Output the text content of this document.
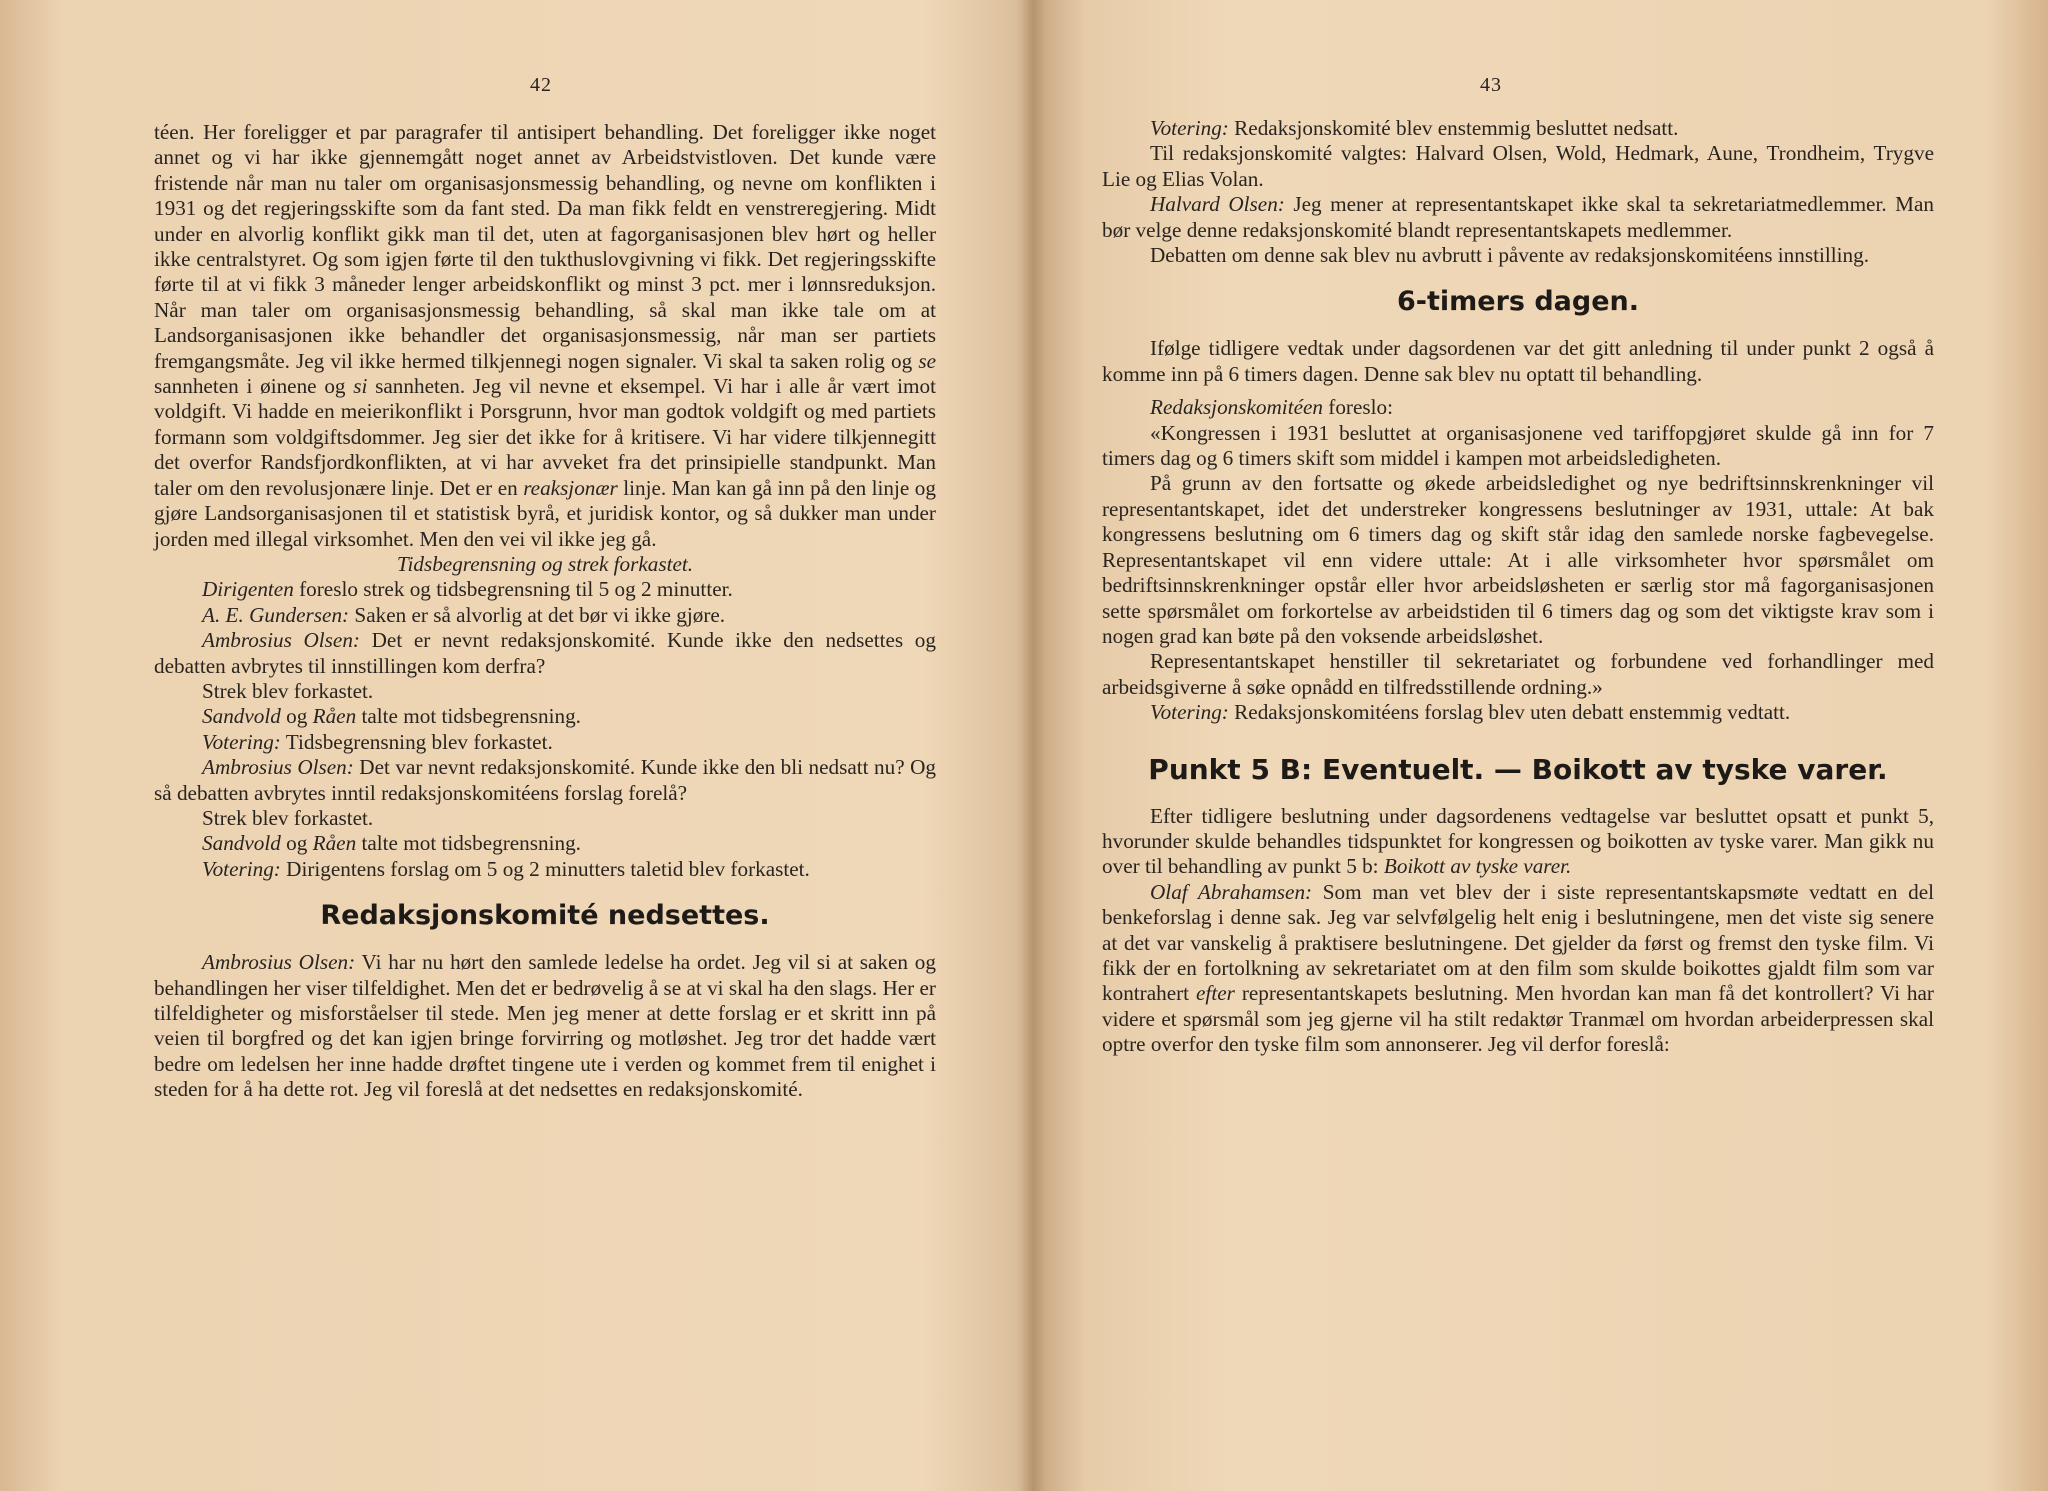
42

téen. Her foreligger et par paragrafer til antisipert behandling. Det foreligger ikke noget annet og vi har ikke gjennemgått noget annet av Arbeidstvistloven. Det kunde være fristende når man nu taler om organisasjonsmessig behandling, og nevne om konflikten i 1931 og det regjeringsskifte som da fant sted. Da man fikk feldt en venstreregjering. Midt under en alvorlig konflikt gikk man til det, uten at fagorganisasjonen blev hørt og heller ikke centralstyret. Og som igjen førte til den tukthuslovgivning vi fikk. Det regjeringsskifte førte til at vi fikk 3 måneder lenger arbeidskonflikt og minst 3 pct. mer i lønnsreduksjon. Når man taler om organisasjonsmessig behandling, så skal man ikke tale om at Landsorganisasjonen ikke behandler det organisasjonsmessig, når man ser partiets fremgangsmåte. Jeg vil ikke hermed tilkjennegi nogen signaler. Vi skal ta saken rolig og se sannheten i øinene og si sannheten. Jeg vil nevne et eksempel. Vi har i alle år vært imot voldgift. Vi hadde en meierikonflikt i Porsgrunn, hvor man godtok voldgift og med partiets formann som voldgiftsdommer. Jeg sier det ikke for å kritisere. Vi har videre tilkjennegitt det overfor Randsfjordkonflikten, at vi har avveket fra det prinsipielle standpunkt. Man taler om den revolusjonære linje. Det er en reaksjonær linje. Man kan gå inn på den linje og gjøre Landsorganisasjonen til et statistisk byrå, et juridisk kontor, og så dukker man under jorden med illegal virksomhet. Men den vei vil ikke jeg gå.

Tidsbegrensning og strek forkastet.

Dirigenten foreslo strek og tidsbegrensning til 5 og 2 minutter.

A. E. Gundersen: Saken er så alvorlig at det bør vi ikke gjøre.

Ambrosius Olsen: Det er nevnt redaksjonskomité. Kunde ikke den nedsettes og debatten avbrytes til innstillingen kom derfra?

Strek blev forkastet.

Sandvold og Råen talte mot tidsbegrensning.

Votering: Tidsbegrensning blev forkastet.

Ambrosius Olsen: Det var nevnt redaksjonskomité. Kunde ikke den bli nedsatt nu? Og så debatten avbrytes inntil redaksjonskomitéens forslag forelå?

Strek blev forkastet.

Sandvold og Råen talte mot tidsbegrensning.

Votering: Dirigentens forslag om 5 og 2 minutters taletid blev forkastet.

Redaksjonskomité nedsettes.

Ambrosius Olsen: Vi har nu hørt den samlede ledelse ha ordet. Jeg vil si at saken og behandlingen her viser tilfeldighet. Men det er bedrøvelig å se at vi skal ha den slags. Her er tilfeldigheter og misforståelser til stede. Men jeg mener at dette forslag er et skritt inn på veien til borgfred og det kan igjen bringe forvirring og motløshet. Jeg tror det hadde vært bedre om ledelsen her inne hadde drøftet tingene ute i verden og kommet frem til enighet i steden for å ha dette rot. Jeg vil foreslå at det nedsettes en redaksjonskomité.

43

Votering: Redaksjonskomité blev enstemmig besluttet nedsatt.

Til redaksjonskomité valgtes: Halvard Olsen, Wold, Hedmark, Aune, Trondheim, Trygve Lie og Elias Volan.

Halvard Olsen: Jeg mener at representantskapet ikke skal ta sekretariatmedlemmer. Man bør velge denne redaksjonskomité blandt representantskapets medlemmer.

Debatten om denne sak blev nu avbrutt i påvente av redaksjonskomitéens innstilling.

6-timers dagen.

Ifølge tidligere vedtak under dagsordenen var det gitt anledning til under punkt 2 også å komme inn på 6 timers dagen. Denne sak blev nu optatt til behandling.

Redaksjonskomitéen foreslo:

«Kongressen i 1931 besluttet at organisasjonene ved tariffopgjøret skulde gå inn for 7 timers dag og 6 timers skift som middel i kampen mot arbeidsledigheten.

På grunn av den fortsatte og økede arbeidsledighet og nye bedriftsinnskrenkninger vil representantskapet, idet det understreker kongressens beslutninger av 1931, uttale: At bak kongressens beslutning om 6 timers dag og skift står idag den samlede norske fagbevegelse. Representantskapet vil enn videre uttale: At i alle virksomheter hvor spørsmålet om bedriftsinnskrenkninger opstår eller hvor arbeidsløsheten er særlig stor må fagorganisasjonen sette spørsmålet om forkortelse av arbeidstiden til 6 timers dag og som det viktigste krav som i nogen grad kan bøte på den voksende arbeidsløshet.

Representantskapet henstiller til sekretariatet og forbundene ved forhandlinger med arbeidsgiverne å søke opnådd en tilfredsstillende ordning.»

Votering: Redaksjonskomitéens forslag blev uten debatt enstemmig vedtatt.

Punkt 5 B: Eventuelt. — Boikott av tyske varer.

Efter tidligere beslutning under dagsordenens vedtagelse var besluttet opsatt et punkt 5, hvorunder skulde behandles tidspunktet for kongressen og boikotten av tyske varer. Man gikk nu over til behandling av punkt 5 b: Boikott av tyske varer.

Olaf Abrahamsen: Som man vet blev der i siste representantskapsmøte vedtatt en del benkeforslag i denne sak. Jeg var selvfølgelig helt enig i beslutningene, men det viste sig senere at det var vanskelig å praktisere beslutningene. Det gjelder da først og fremst den tyske film. Vi fikk der en fortolkning av sekretariatet om at den film som skulde boikottes gjaldt film som var kontrahert efter representantskapets beslutning. Men hvordan kan man få det kontrollert? Vi har videre et spørsmål som jeg gjerne vil ha stilt redaktør Tranmæl om hvordan arbeiderpressen skal optre overfor den tyske film som annonserer. Jeg vil derfor foreslå:
